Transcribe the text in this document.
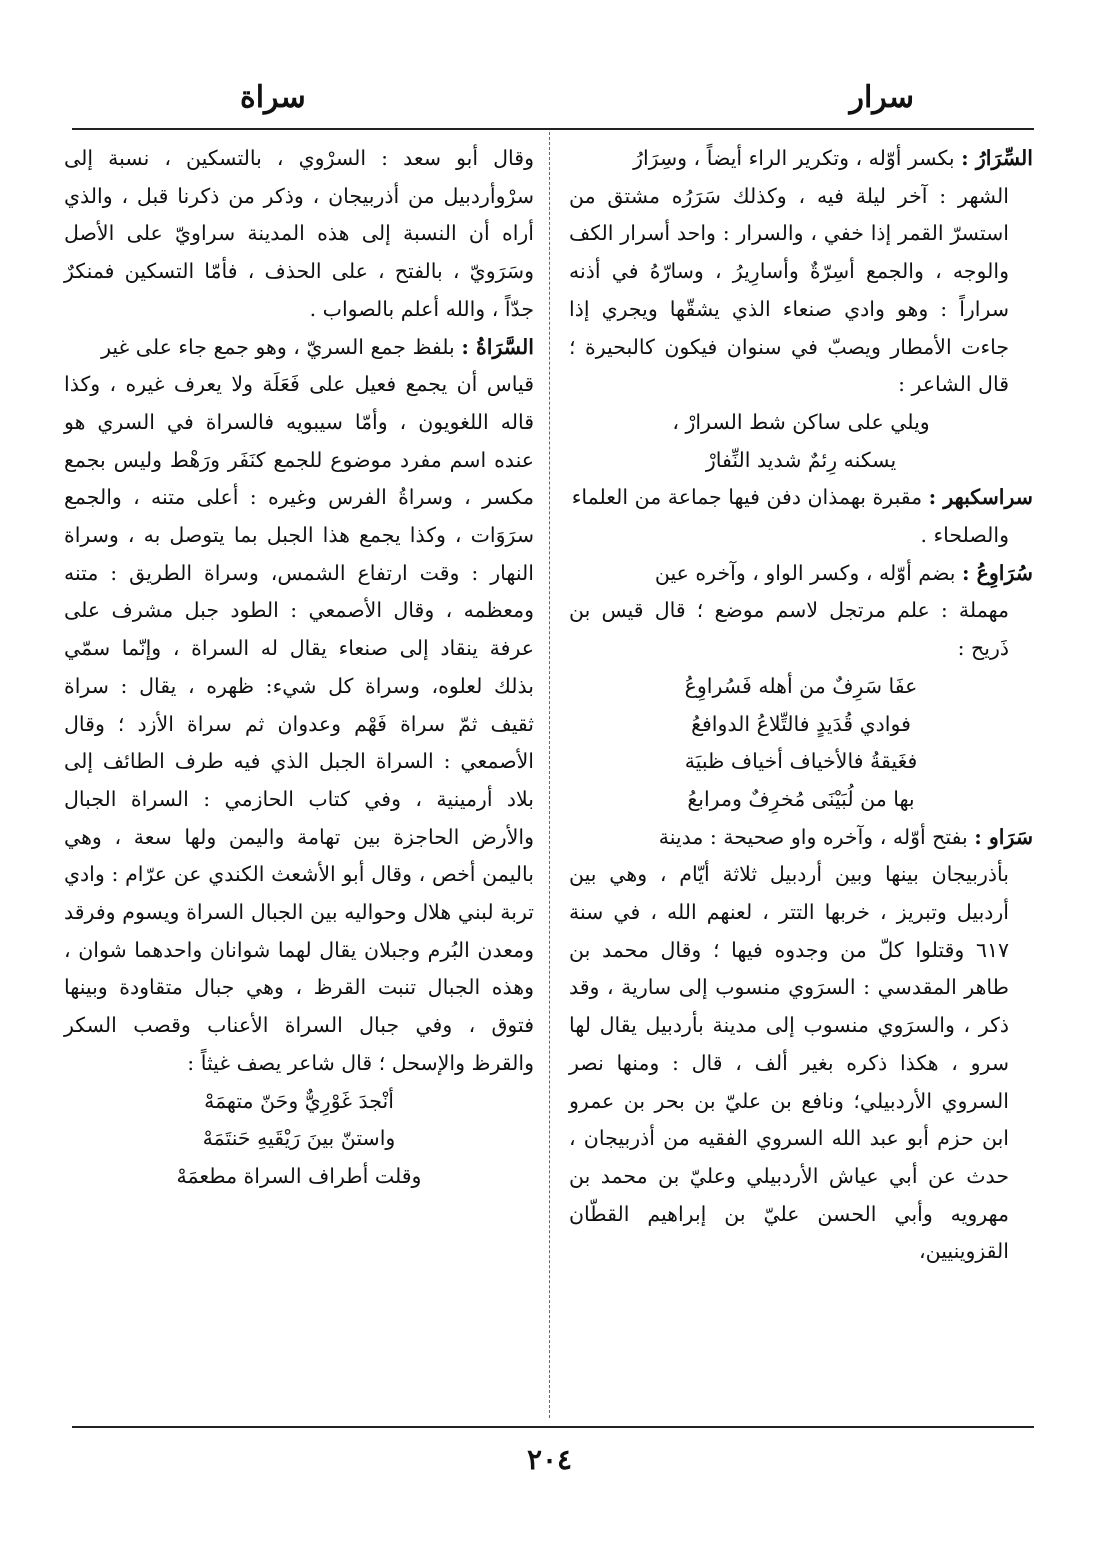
سرار
سراة

السِّرَارُ : بكسر أوّله ، وتكرير الراء أيضاً ، وسِرَارُ

الشهر : آخر ليلة فيه ، وكذلك سَرَرُه مشتق من استسرّ القمر إذا خفي ، والسرار : واحد أسرار الكف والوجه ، والجمع أسِرّةٌ وأسارِيرُ ، وسارّهُ في أذنه سراراً : وهو وادي صنعاء الذي يشقّها ويجري إذا جاءت الأمطار ويصبّ في سنوان فيكون كالبحيرة ؛ قال الشاعر :

ويلي على ساكن شط السرارْ ،
يسكنه رِئمٌ شديد النِّفارْ

سراسكبهر : مقبرة بهمذان دفن فيها جماعة من العلماء

والصلحاء .

سُرَاوِعُ : بضم أوّله ، وكسر الواو ، وآخره عين

مهملة : علم مرتجل لاسم موضع ؛ قال قيس بن ذَريح :

عفَا سَرِفٌ من أهله فَسُراوِعُ
فوادي قُدَيدٍ فالتِّلاعُ الدوافعُ
فغَيقةُ فالأخياف أخياف ظبيَة
بها من لُبَيْنَى مُخرِفٌ ومرابعُ

سَرَاو : بفتح أوّله ، وآخره واو صحيحة : مدينة

بأذربيجان بينها وبين أردبيل ثلاثة أيّام ، وهي بين أردبيل وتبريز ، خربها التتر ، لعنهم الله ، في سنة ٦١٧ وقتلوا كلّ من وجدوه فيها ؛ وقال محمد بن طاهر المقدسي : السرَوي منسوب إلى سارية ، وقد ذكر ، والسرَوي منسوب إلى مدينة بأردبيل يقال لها سرو ، هكذا ذكره بغير ألف ، قال : ومنها نصر السروي الأردبيلي؛ ونافع بن عليّ بن بحر بن عمرو ابن حزم أبو عبد الله السروي الفقيه من أذربيجان ، حدث عن أبي عياش الأردبيلي وعليّ بن محمد بن مهرويه وأبي الحسن عليّ بن إبراهيم القطّان القزوينيين،

وقال أبو سعد : السرْوي ، بالتسكين ، نسبة إلى سرْوأردبيل من أذربيجان ، وذكر من ذكرنا قبل ، والذي أراه أن النسبة إلى هذه المدينة سراويّ على الأصل وسَرَويّ ، بالفتح ، على الحذف ، فأمّا التسكين فمنكرٌ جدّاً ، والله أعلم بالصواب .

السَّرَاةُ : بلفظ جمع السريّ ، وهو جمع جاء على غير

قياس أن يجمع فعيل على فَعَلَة ولا يعرف غيره ، وكذا قاله اللغويون ، وأمّا سيبويه فالسراة في السري هو عنده اسم مفرد موضوع للجمع كنَفَر ورَهْط وليس بجمع مكسر ، وسراةُ الفرس وغيره : أعلى متنه ، والجمع سرَوَات ، وكذا يجمع هذا الجبل بما يتوصل به ، وسراة النهار : وقت ارتفاع الشمس، وسراة الطريق : متنه ومعظمه ، وقال الأصمعي : الطود جبل مشرف على عرفة ينقاد إلى صنعاء يقال له السراة ، وإنّما سمّي بذلك لعلوه، وسراة كل شيء: ظهره ، يقال : سراة ثقيف ثمّ سراة فَهْم وعدوان ثم سراة الأزد ؛ وقال الأصمعي : السراة الجبل الذي فيه طرف الطائف إلى بلاد أرمينية ، وفي كتاب الحازمي : السراة الجبال والأرض الحاجزة بين تهامة واليمن ولها سعة ، وهي باليمن أخص ، وقال أبو الأشعث الكندي عن عرّام : وادي تربة لبني هلال وحواليه بين الجبال السراة ويسوم وفرقد ومعدن البُرم وجبلان يقال لهما شوانان واحدهما شوان ، وهذه الجبال تنبت القرظ ، وهي جبال متقاودة وبينها فتوق ، وفي جبال السراة الأعناب وقصب السكر والقرظ والإسحل ؛ قال شاعر يصف غيثاً :

أنْجدَ غَوْرِيٌّ وحَنّ متهمَهْ
واستنّ بينَ رَيْقَيهِ حَنتَمَهْ
وقلت أطراف السراة مطعمَهْ
٢٠٤
